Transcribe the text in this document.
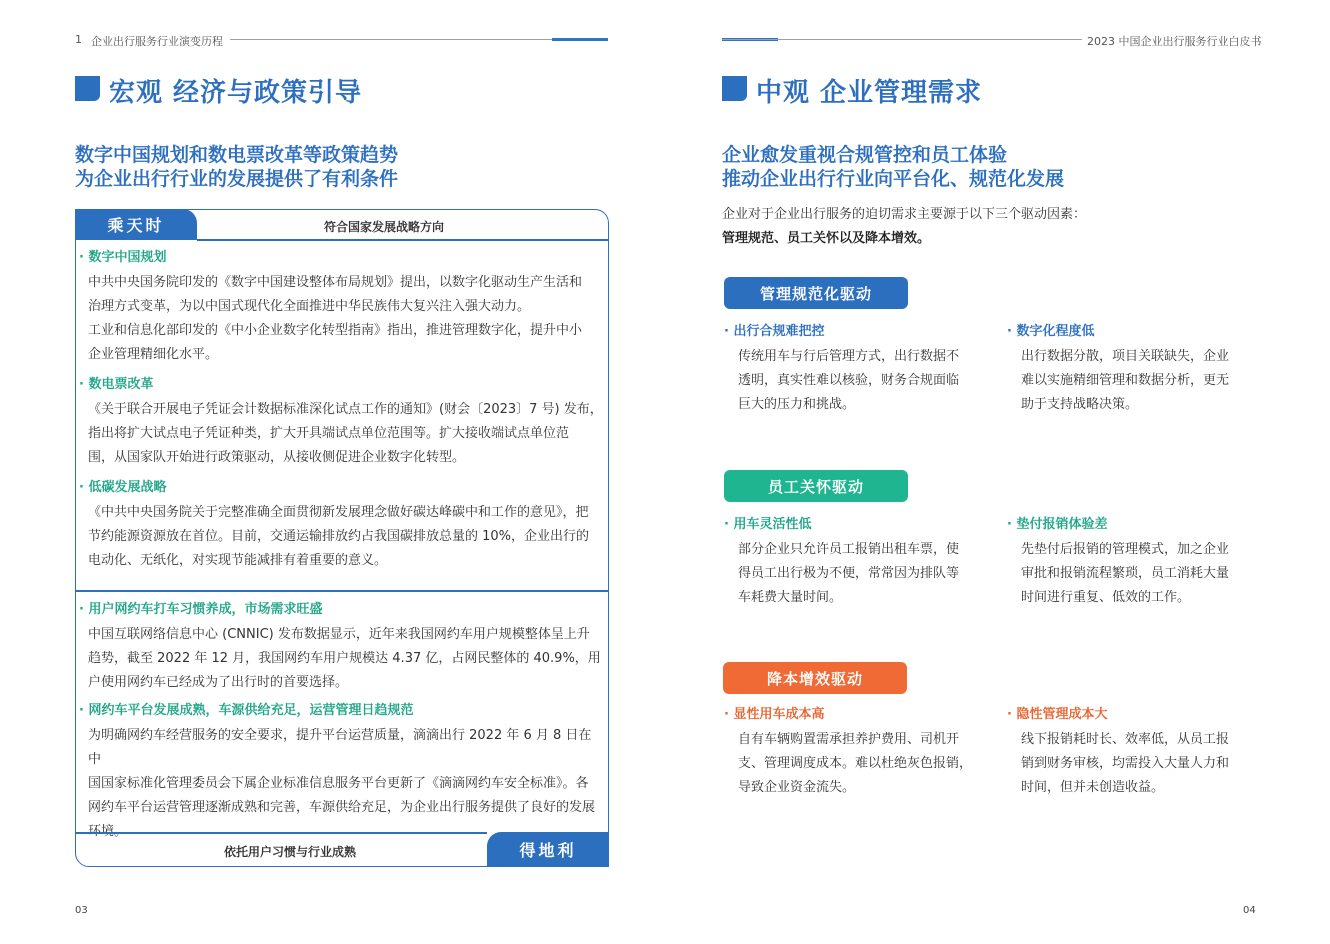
1 企业出行服务行业演变历程
宏观 经济与政策引导
数字中国规划和数电票改革等政策趋势
为企业出行行业的发展提供了有利条件
乘天时	符合国家发展战略方向
· 数字中国规划
中共中央国务院印发的《数字中国建设整体布局规划》提出，以数字化驱动生产生活和
治理方式变革，为以中国式现代化全面推进中华民族伟大复兴注入强大动力。
工业和信息化部印发的《中小企业数字化转型指南》指出，推进管理数字化，提升中小
企业管理精细化水平。
· 数电票改革
《关于联合开展电子凭证会计数据标准深化试点工作的通知》(财会〔2023〕7 号) 发布，
指出将扩大试点电子凭证种类，扩大开具端试点单位范围等。扩大接收端试点单位范
围，从国家队开始进行政策驱动，从接收侧促进企业数字化转型。
· 低碳发展战略
《中共中央国务院关于完整准确全面贯彻新发展理念做好碳达峰碳中和工作的意见》，把
节约能源资源放在首位。目前，交通运输排放约占我国碳排放总量的 10%，企业出行的
电动化、无纸化，对实现节能减排有着重要的意义。
· 用户网约车打车习惯养成，市场需求旺盛
中国互联网络信息中心 (CNNIC) 发布数据显示，近年来我国网约车用户规模整体呈上升
趋势，截至 2022 年 12 月，我国网约车用户规模达 4.37 亿，占网民整体的 40.9%，用
户使用网约车已经成为了出行时的首要选择。
· 网约车平台发展成熟，车源供给充足，运营管理日趋规范
为明确网约车经营服务的安全要求，提升平台运营质量，滴滴出行 2022 年 6 月 8 日在中
国国家标准化管理委员会下属企业标准信息服务平台更新了《滴滴网约车安全标准》。各
网约车平台运营管理逐渐成熟和完善，车源供给充足，为企业出行服务提供了良好的发展
依托用户习惯与行业成熟	得地利
03
2023 中国企业出行服务行业白皮书
中观 企业管理需求
企业愈发重视合规管控和员工体验
推动企业出行行业向平台化、规范化发展
企业对于企业出行服务的迫切需求主要源于以下三个驱动因素：
管理规范、员工关怀以及降本增效。
管理规范化驱动
· 出行合规难把控
传统用车与行后管理方式，出行数据不
透明，真实性难以核验，财务合规面临
巨大的压力和挑战。
· 数字化程度低
出行数据分散，项目关联缺失，企业
难以实施精细管理和数据分析，更无
助于支持战略决策。
员工关怀驱动
· 用车灵活性低
部分企业只允许员工报销出租车票，使
得员工出行极为不便，常常因为排队等
车耗费大量时间。
· 垫付报销体验差
先垫付后报销的管理模式，加之企业
审批和报销流程繁琐，员工消耗大量
时间进行重复、低效的工作。
降本增效驱动
· 显性用车成本高
自有车辆购置需承担养护费用、司机开
支、管理调度成本。难以杜绝灰色报销，
导致企业资金流失。
· 隐性管理成本大
线下报销耗时长、效率低，从员工报
销到财务审核，均需投入大量人力和
时间，但并未创造收益。
04
